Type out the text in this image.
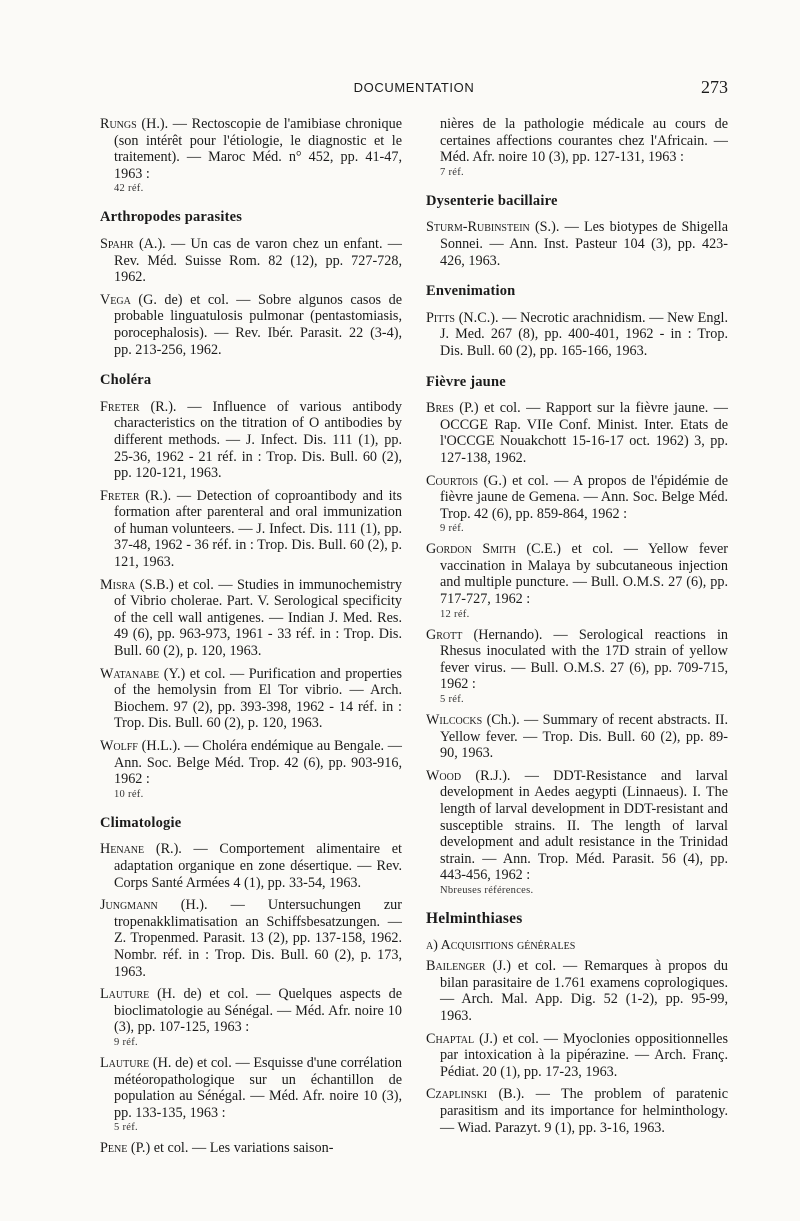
DOCUMENTATION	273
Rungs (H.). — Rectoscopie de l'amibiase chronique (son intérêt pour l'étiologie, le diagnostic et le traitement). — Maroc Méd. n° 452, pp. 41-47, 1963 :
42 réf.
Arthropodes parasites
Spahr (A.). — Un cas de varon chez un enfant. — Rev. Méd. Suisse Rom. 82 (12), pp. 727-728, 1962.
Vega (G. de) et col. — Sobre algunos casos de probable linguatulosis pulmonar (pentastomiasis, porocephalosis). — Rev. Ibér. Parasit. 22 (3-4), pp. 213-256, 1962.
Choléra
Freter (R.). — Influence of various antibody characteristics on the titration of O antibodies by different methods. — J. Infect. Dis. 111 (1), pp. 25-36, 1962 - 21 réf. in : Trop. Dis. Bull. 60 (2), pp. 120-121, 1963.
Freter (R.). — Detection of coproantibody and its formation after parenteral and oral immunization of human volunteers. — J. Infect. Dis. 111 (1), pp. 37-48, 1962 - 36 réf. in : Trop. Dis. Bull. 60 (2), p. 121, 1963.
Misra (S.B.) et col. — Studies in immunochemistry of Vibrio cholerae. Part. V. Serological specificity of the cell wall antigenes. — Indian J. Med. Res. 49 (6), pp. 963-973, 1961 - 33 réf. in : Trop. Dis. Bull. 60 (2), p. 120, 1963.
Watanabe (Y.) et col. — Purification and properties of the hemolysin from El Tor vibrio. — Arch. Biochem. 97 (2), pp. 393-398, 1962 - 14 réf. in : Trop. Dis. Bull. 60 (2), p. 120, 1963.
Wolff (H.L.). — Choléra endémique au Bengale. — Ann. Soc. Belge Méd. Trop. 42 (6), pp. 903-916, 1962 :
10 réf.
Climatologie
Henane (R.). — Comportement alimentaire et adaptation organique en zone désertique. — Rev. Corps Santé Armées 4 (1), pp. 33-54, 1963.
Jungmann (H.). — Untersuchungen zur tropenakklimatisation an Schiffsbesatzungen. — Z. Tropenmed. Parasit. 13 (2), pp. 137-158, 1962. Nombr. réf. in : Trop. Dis. Bull. 60 (2), p. 173, 1963.
Lauture (H. de) et col. — Quelques aspects de bioclimatologie au Sénégal. — Méd. Afr. noire 10 (3), pp. 107-125, 1963 :
9 réf.
Lauture (H. de) et col. — Esquisse d'une corrélation météoropathologique sur un échantillon de population au Sénégal. — Méd. Afr. noire 10 (3), pp. 133-135, 1963 :
5 réf.
Pene (P.) et col. — Les variations saison-
nières de la pathologie médicale au cours de certaines affections courantes chez l'Africain. — Méd. Afr. noire 10 (3), pp. 127-131, 1963 :
7 réf.
Dysenterie bacillaire
Sturm-Rubinstein (S.). — Les biotypes de Shigella Sonnei. — Ann. Inst. Pasteur 104 (3), pp. 423-426, 1963.
Envenimation
Pitts (N.C.). — Necrotic arachnidism. — New Engl. J. Med. 267 (8), pp. 400-401, 1962 - in : Trop. Dis. Bull. 60 (2), pp. 165-166, 1963.
Fièvre jaune
Bres (P.) et col. — Rapport sur la fièvre jaune. — OCCGE Rap. VIIe Conf. Minist. Inter. Etats de l'OCCGE Nouakchott 15-16-17 oct. 1962) 3, pp. 127-138, 1962.
Courtois (G.) et col. — A propos de l'épidémie de fièvre jaune de Gemena. — Ann. Soc. Belge Méd. Trop. 42 (6), pp. 859-864, 1962 :
9 réf.
Gordon Smith (C.E.) et col. — Yellow fever vaccination in Malaya by subcutaneous injection and multiple puncture. — Bull. O.M.S. 27 (6), pp. 717-727, 1962 :
12 réf.
Grott (Hernando). — Serological reactions in Rhesus inoculated with the 17D strain of yellow fever virus. — Bull. O.M.S. 27 (6), pp. 709-715, 1962 :
5 réf.
Wilcocks (Ch.). — Summary of recent abstracts. II. Yellow fever. — Trop. Dis. Bull. 60 (2), pp. 89-90, 1963.
Wood (R.J.). — DDT-Resistance and larval development in Aedes aegypti (Linnaeus). I. The length of larval development in DDT-resistant and susceptible strains. II. The length of larval development and adult resistance in the Trinidad strain. — Ann. Trop. Méd. Parasit. 56 (4), pp. 443-456, 1962 :
Nbreuses références.
Helminthiases
a) Acquisitions générales
Bailenger (J.) et col. — Remarques à propos du bilan parasitaire de 1.761 examens coprologiques. — Arch. Mal. App. Dig. 52 (1-2), pp. 95-99, 1963.
Chaptal (J.) et col. — Myoclonies oppositionnelles par intoxication à la pipérazine. — Arch. Franç. Pédiat. 20 (1), pp. 17-23, 1963.
Czaplinski (B.). — The problem of paratenic parasitism and its importance for helminthology. — Wiad. Parazyt. 9 (1), pp. 3-16, 1963.
